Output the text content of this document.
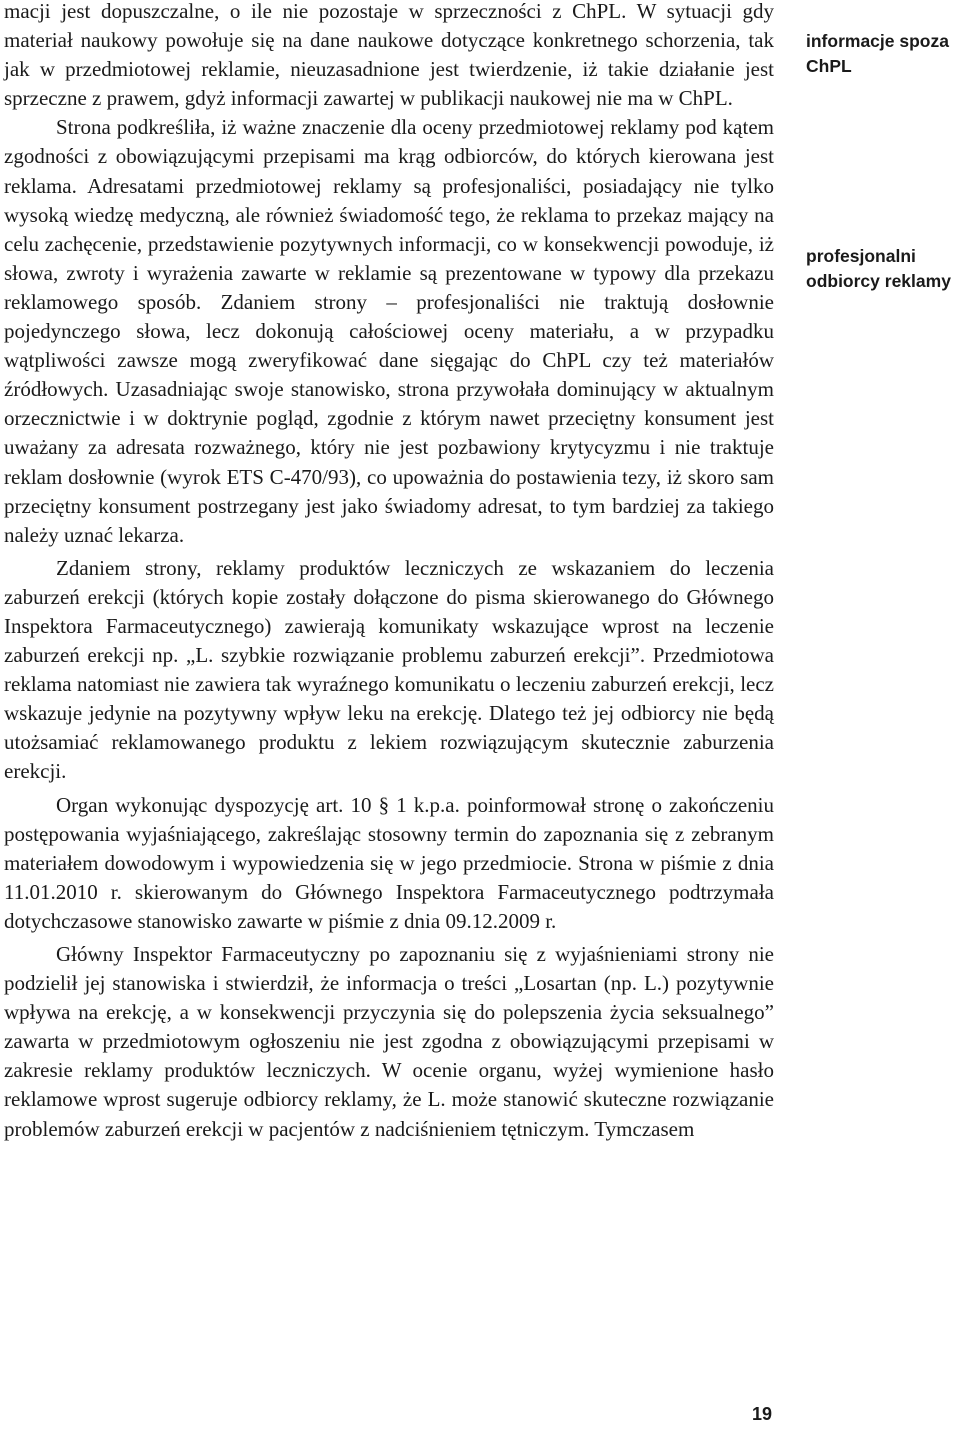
macji jest dopuszczalne, o ile nie pozostaje w sprzeczności z ChPL. W sytuacji gdy materiał naukowy powołuje się na dane naukowe dotyczące konkretnego schorzenia, tak jak w przedmiotowej reklamie, nieuzasadnione jest twierdzenie, iż takie działanie jest sprzeczne z prawem, gdyż informacji zawartej w publikacji naukowej nie ma w ChPL.

Strona podkreśliła, iż ważne znaczenie dla oceny przedmiotowej reklamy pod kątem zgodności z obowiązującymi przepisami ma krąg odbiorców, do których kierowana jest reklama. Adresatami przedmiotowej reklamy są profesjonaliści, posiadający nie tylko wysoką wiedzę medyczną, ale również świadomość tego, że reklama to przekaz mający na celu zachęcenie, przedstawienie pozytywnych informacji, co w konsekwencji powoduje, iż słowa, zwroty i wyrażenia zawarte w reklamie są prezentowane w typowy dla przekazu reklamowego sposób. Zdaniem strony – profesjonaliści nie traktują dosłownie pojedynczego słowa, lecz dokonują całościowej oceny materiału, a w przypadku wątpliwości zawsze mogą zweryfikować dane sięgając do ChPL czy też materiałów źródłowych. Uzasadniając swoje stanowisko, strona przywołała dominujący w aktualnym orzecznictwie i w doktrynie pogląd, zgodnie z którym nawet przeciętny konsument jest uważany za adresata rozważnego, który nie jest pozbawiony krytycyzmu i nie traktuje reklam dosłownie (wyrok ETS C-470/93), co upoważnia do postawienia tezy, iż skoro sam przeciętny konsument postrzegany jest jako świadomy adresat, to tym bardziej za takiego należy uznać lekarza.

Zdaniem strony, reklamy produktów leczniczych ze wskazaniem do leczenia zaburzeń erekcji (których kopie zostały dołączone do pisma skierowanego do Głównego Inspektora Farmaceutycznego) zawierają komunikaty wskazujące wprost na leczenie zaburzeń erekcji np. „L. szybkie rozwiązanie problemu zaburzeń erekcji”. Przedmiotowa reklama natomiast nie zawiera tak wyraźnego komunikatu o leczeniu zaburzeń erekcji, lecz wskazuje jedynie na pozytywny wpływ leku na erekcję. Dlatego też jej odbiorcy nie będą utożsamiać reklamowanego produktu z lekiem rozwiązującym skutecznie zaburzenia erekcji.

Organ wykonując dyspozycję art. 10 § 1 k.p.a. poinformował stronę o zakończeniu postępowania wyjaśniającego, zakreślając stosowny termin do zapoznania się z zebranym materiałem dowodowym i wypowiedzenia się w jego przedmiocie. Strona w piśmie z dnia 11.01.2010 r. skierowanym do Głównego Inspektora Farmaceutycznego podtrzymała dotychczasowe stanowisko zawarte w piśmie z dnia 09.12.2009 r.

Główny Inspektor Farmaceutyczny po zapoznaniu się z wyjaśnieniami strony nie podzielił jej stanowiska i stwierdził, że informacja o treści „Losartan (np. L.) pozytywnie wpływa na erekcję, a w konsekwencji przyczynia się do polepszenia życia seksualnego” zawarta w przedmiotowym ogłoszeniu nie jest zgodna z obowiązującymi przepisami w zakresie reklamy produktów leczniczych. W ocenie organu, wyżej wymienione hasło reklamowe wprost sugeruje odbiorcy reklamy, że L. może stanowić skuteczne rozwiązanie problemów zaburzeń erekcji w pacjentów z nadciśnieniem tętniczym. Tymczasem

informacje spoza ChPL
profesjonalni odbiorcy reklamy
19
